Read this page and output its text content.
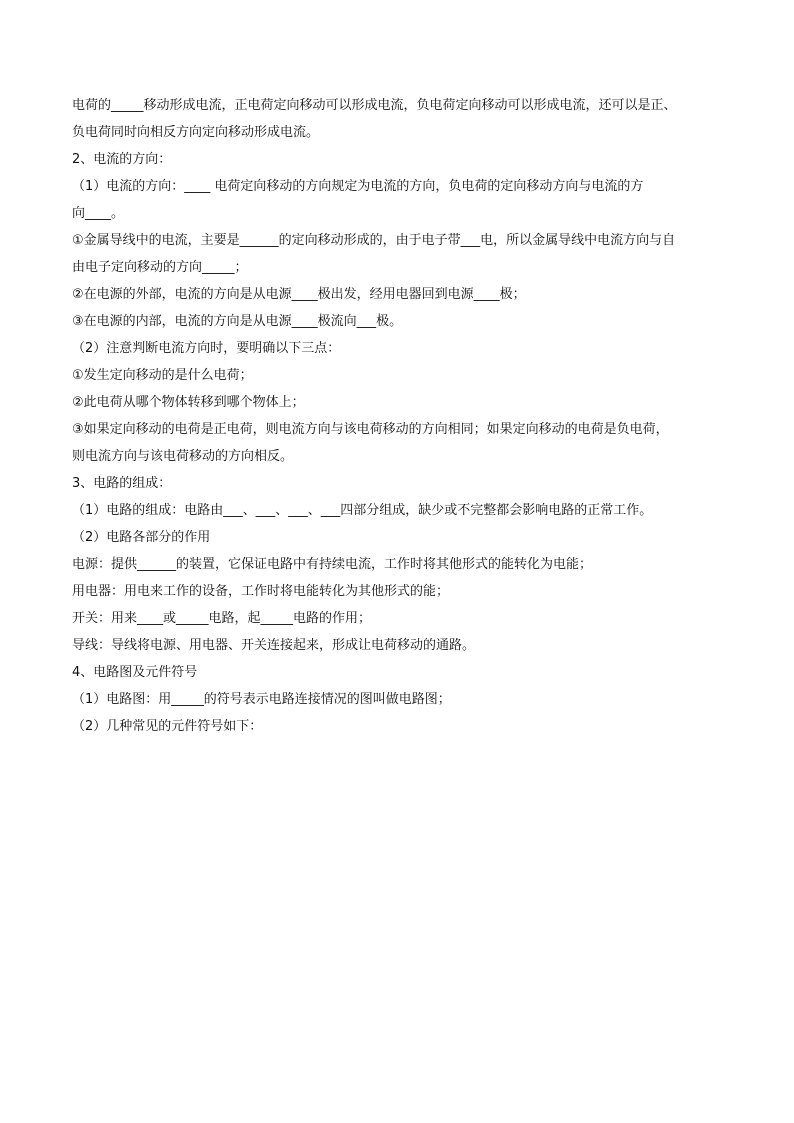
电荷的_____移动形成电流，正电荷定向移动可以形成电流，负电荷定向移动可以形成电流，还可以是正、
负电荷同时向相反方向定向移动形成电流。
2、电流的方向：
（1）电流的方向：____ 电荷定向移动的方向规定为电流的方向，负电荷的定向移动方向与电流的方
向____。
①金属导线中的电流，主要是______的定向移动形成的，由于电子带___电，所以金属导线中电流方向与自
由电子定向移动的方向_____；
②在电源的外部，电流的方向是从电源____极出发，经用电器回到电源____极；
③在电源的内部，电流的方向是从电源____极流向___极。
（2）注意判断电流方向时，要明确以下三点：
①发生定向移动的是什么电荷；
②此电荷从哪个物体转移到哪个物体上；
③如果定向移动的电荷是正电荷，则电流方向与该电荷移动的方向相同；如果定向移动的电荷是负电荷，
则电流方向与该电荷移动的方向相反。
3、电路的组成：
（1）电路的组成：电路由___、___、___、___四部分组成，缺少或不完整都会影响电路的正常工作。
（2）电路各部分的作用
电源：提供______的装置，它保证电路中有持续电流，工作时将其他形式的能转化为电能；
用电器：用电来工作的设备，工作时将电能转化为其他形式的能；
开关：用来____或_____电路，起_____电路的作用；
导线：导线将电源、用电器、开关连接起来，形成让电荷移动的通路。
4、电路图及元件符号
（1）电路图：用_____的符号表示电路连接情况的图叫做电路图；
（2）几种常见的元件符号如下：
